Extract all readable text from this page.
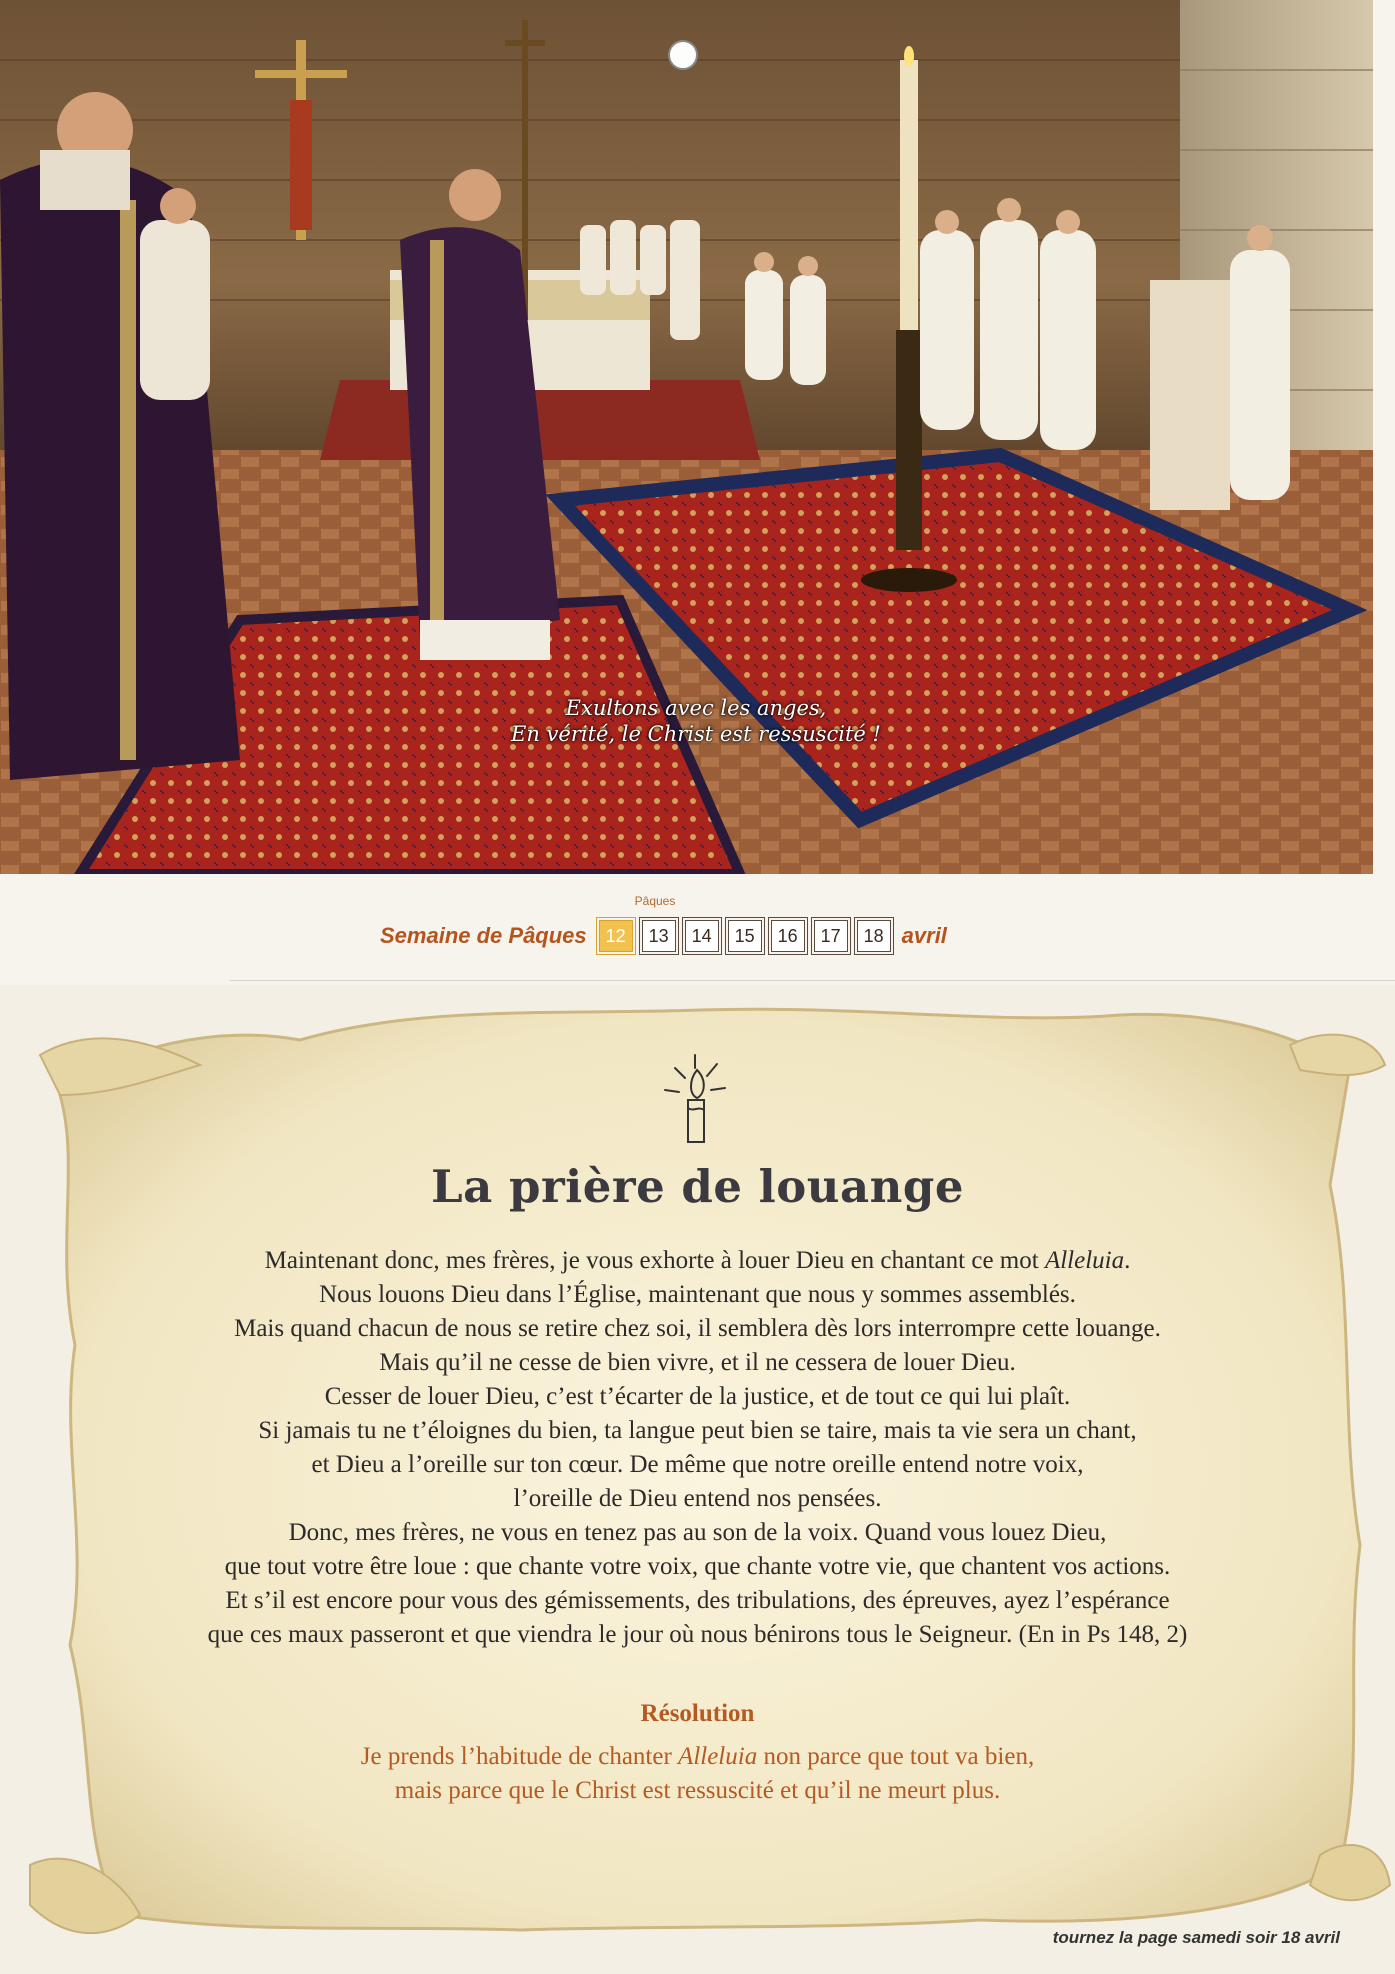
Exultons avec les anges,
En vérité, le Christ est ressuscité !
Pâques
Semaine de Pâques	12	13	14	15	16	17	18 avril
La prière de louange
Maintenant donc, mes frères, je vous exhorte à louer Dieu en chantant ce mot Alleluia.
Nous louons Dieu dans l’Église, maintenant que nous y sommes assemblés.
Mais quand chacun de nous se retire chez soi, il semblera dès lors interrompre cette louange.
Mais qu’il ne cesse de bien vivre, et il ne cessera de louer Dieu.
Cesser de louer Dieu, c’est t’écarter de la justice, et de tout ce qui lui plaît.
Si jamais tu ne t’éloignes du bien, ta langue peut bien se taire, mais ta vie sera un chant,
et Dieu a l’oreille sur ton cœur. De même que notre oreille entend notre voix,
l’oreille de Dieu entend nos pensées.
Donc, mes frères, ne vous en tenez pas au son de la voix. Quand vous louez Dieu,
que tout votre être loue : que chante votre voix, que chante votre vie, que chantent vos actions.
Et s’il est encore pour vous des gémissements, des tribulations, des épreuves, ayez l’espérance
que ces maux passeront et que viendra le jour où nous bénirons tous le Seigneur. (En in Ps 148, 2)
Résolution
Je prends l’habitude de chanter Alleluia non parce que tout va bien,
mais parce que le Christ est ressuscité et qu’il ne meurt plus.
tournez la page samedi soir 18 avril
